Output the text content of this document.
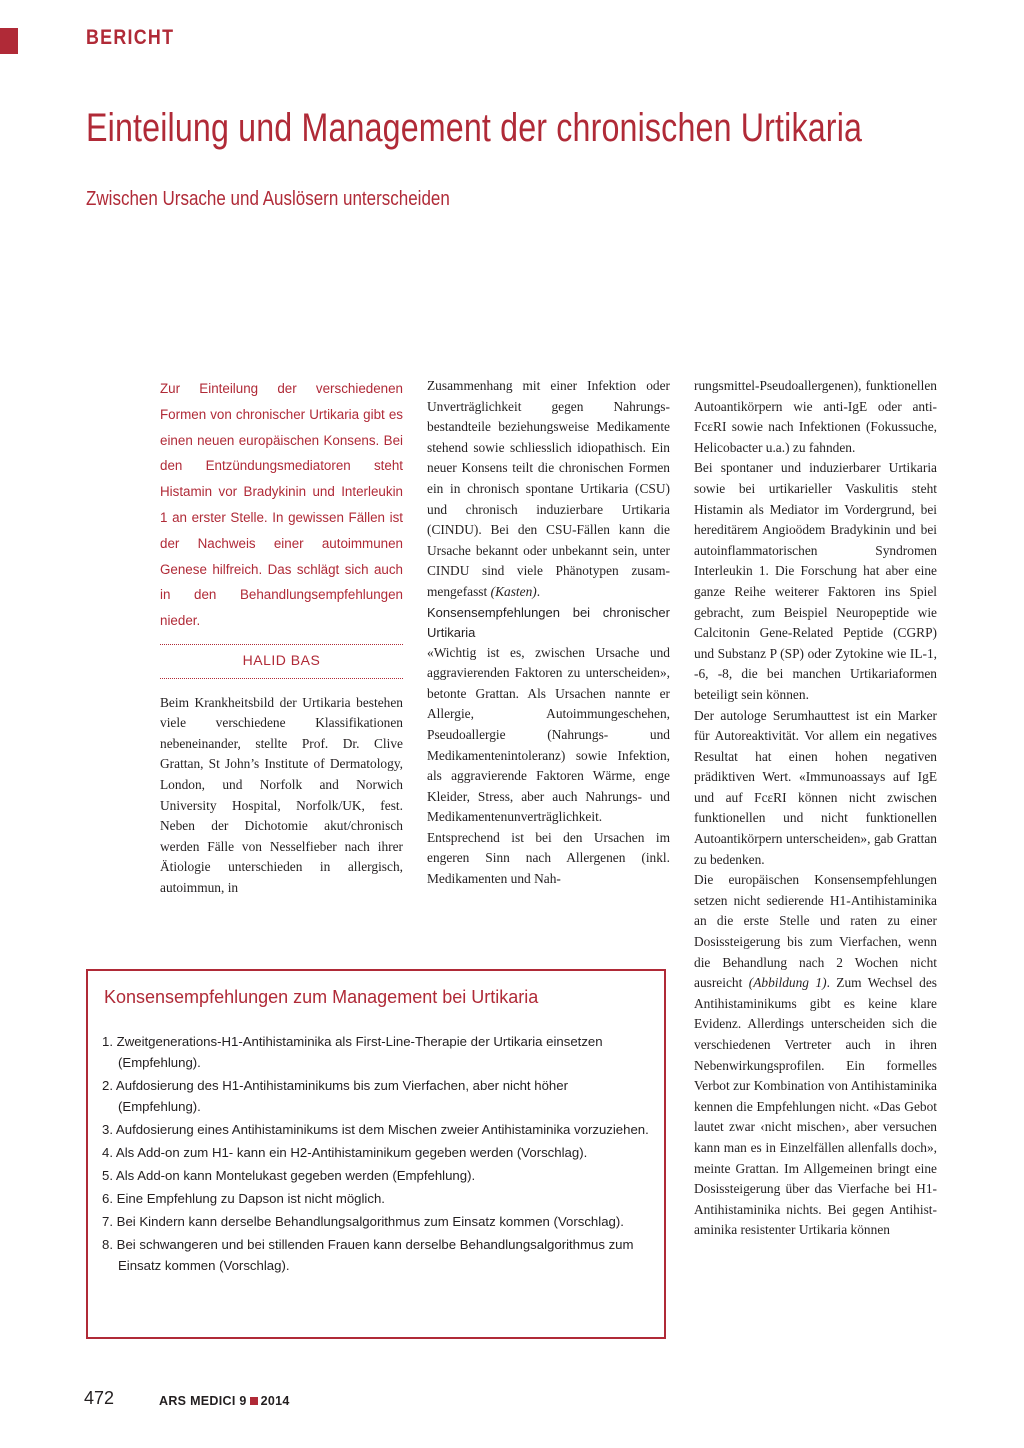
BERICHT
Einteilung und Management der chronischen Urtikaria
Zwischen Ursache und Auslösern unterscheiden

Zur Einteilung der verschiedenen Formen von chronischer Urtikaria gibt es einen neuen europäischen Konsens. Bei den Entzündungsmediatoren steht Histamin vor Bradykinin und Interleukin 1 an erster Stelle. In gewissen Fällen ist der Nachweis einer autoimmunen Genese hilfreich. Das schlägt sich auch in den Behandlungsempfehlungen nieder.

HALID BAS

Beim Krankheitsbild der Urtikaria bestehen viele verschiedene Klassifikationen nebeneinander, stellte Prof. Dr. Clive Grattan, St John’s Institute of Dermatology, London, und Norfolk and Norwich University Hospital, Norfolk/UK, fest. Neben der Dichotomie akut/chronisch werden Fälle von Nesselfieber nach ihrer Ätiologie unterschieden in allergisch, autoimmun, in

Zusammenhang mit einer Infektion oder Unverträglichkeit gegen Nahrungsbestandteile beziehungsweise Medikamente stehend sowie schliesslich idiopathisch. Ein neuer Konsens teilt die chronischen Formen ein in chronisch spontane Urtikaria (CSU) und chronisch induzierbare Urtikaria (CINDU). Bei den CSU-Fällen kann die Ursache bekannt oder unbekannt sein, unter CINDU sind viele Phänotypen zusammengefasst (Kasten).

Konsensempfehlungen bei chronischer Urtikaria

«Wichtig ist es, zwischen Ursache und aggravierenden Faktoren zu unterscheiden», betonte Grattan. Als Ursachen nannte er Allergie, Autoimmungeschehen, Pseudoallergie (Nahrungs- und Medikamentenintoleranz) sowie Infektion, als aggravierende Faktoren Wärme, enge Kleider, Stress, aber auch Nahrungs- und Medikamentenunverträglichkeit. Entsprechend ist bei den Ursachen im engeren Sinn nach Allergenen (inkl. Medikamenten und Nah-

rungsmittel-Pseudoallergenen), funktionellen Autoantikörpern wie anti-IgE oder anti-FcεRI sowie nach Infektionen (Fokussuche, Helicobacter u.a.) zu fahnden.

Bei spontaner und induzierbarer Urtikaria sowie bei urtikarieller Vaskulitis steht Histamin als Mediator im Vordergrund, bei hereditärem Angioödem Bradykinin und bei autoinflammatorischen Syndromen Interleukin 1. Die Forschung hat aber eine ganze Reihe weiterer Faktoren ins Spiel gebracht, zum Beispiel Neuropeptide wie Calcitonin Gene-Related Peptide (CGRP) und Substanz P (SP) oder Zytokine wie IL-1, -6, -8, die bei manchen Urtikariaformen beteiligt sein können.

Der autologe Serumhauttest ist ein Marker für Autoreaktivität. Vor allem ein negatives Resultat hat einen hohen negativen prädiktiven Wert. «Immunoassays auf IgE und auf FcεRI können nicht zwischen funktionellen und nicht funktionellen Autoantikörpern unterscheiden», gab Grattan zu bedenken.

Die europäischen Konsensempfehlungen setzen nicht sedierende H1-Antihistaminika an die erste Stelle und raten zu einer Dosissteigerung bis zum Vierfachen, wenn die Behandlung nach 2 Wochen nicht ausreicht (Abbildung 1). Zum Wechsel des Antihistaminikums gibt es keine klare Evidenz. Allerdings unterscheiden sich die verschiedenen Vertreter auch in ihren Nebenwirkungsprofilen. Ein formelles Verbot zur Kombination von Antihistaminika kennen die Empfehlungen nicht. «Das Gebot lautet zwar ‹nicht mischen›, aber versuchen kann man es in Einzelfällen allenfalls doch», meinte Grattan. Im Allgemeinen bringt eine Dosissteigerung über das Vierfache bei H1-Antihistaminika nichts. Bei gegen Antihistaminika resistenter Urtikaria können

Konsensempfehlungen zum Management bei Urtikaria
1. Zweitgenerations-H1-Antihistaminika als First-Line-Therapie der Urtikaria einsetzen (Empfehlung).
2. Aufdosierung des H1-Antihistaminikums bis zum Vierfachen, aber nicht höher (Empfehlung).
3. Aufdosierung eines Antihistaminikums ist dem Mischen zweier Antihistaminika vorzuziehen.
4. Als Add-on zum H1- kann ein H2-Antihistaminikum gegeben werden (Vorschlag).
5. Als Add-on kann Montelukast gegeben werden (Empfehlung).
6. Eine Empfehlung zu Dapson ist nicht möglich.
7. Bei Kindern kann derselbe Behandlungsalgorithmus zum Einsatz kommen (Vorschlag).
8. Bei schwangeren und bei stillenden Frauen kann derselbe Behandlungsalgorithmus zum Einsatz kommen (Vorschlag).
472	ARS MEDICI 9 2014
